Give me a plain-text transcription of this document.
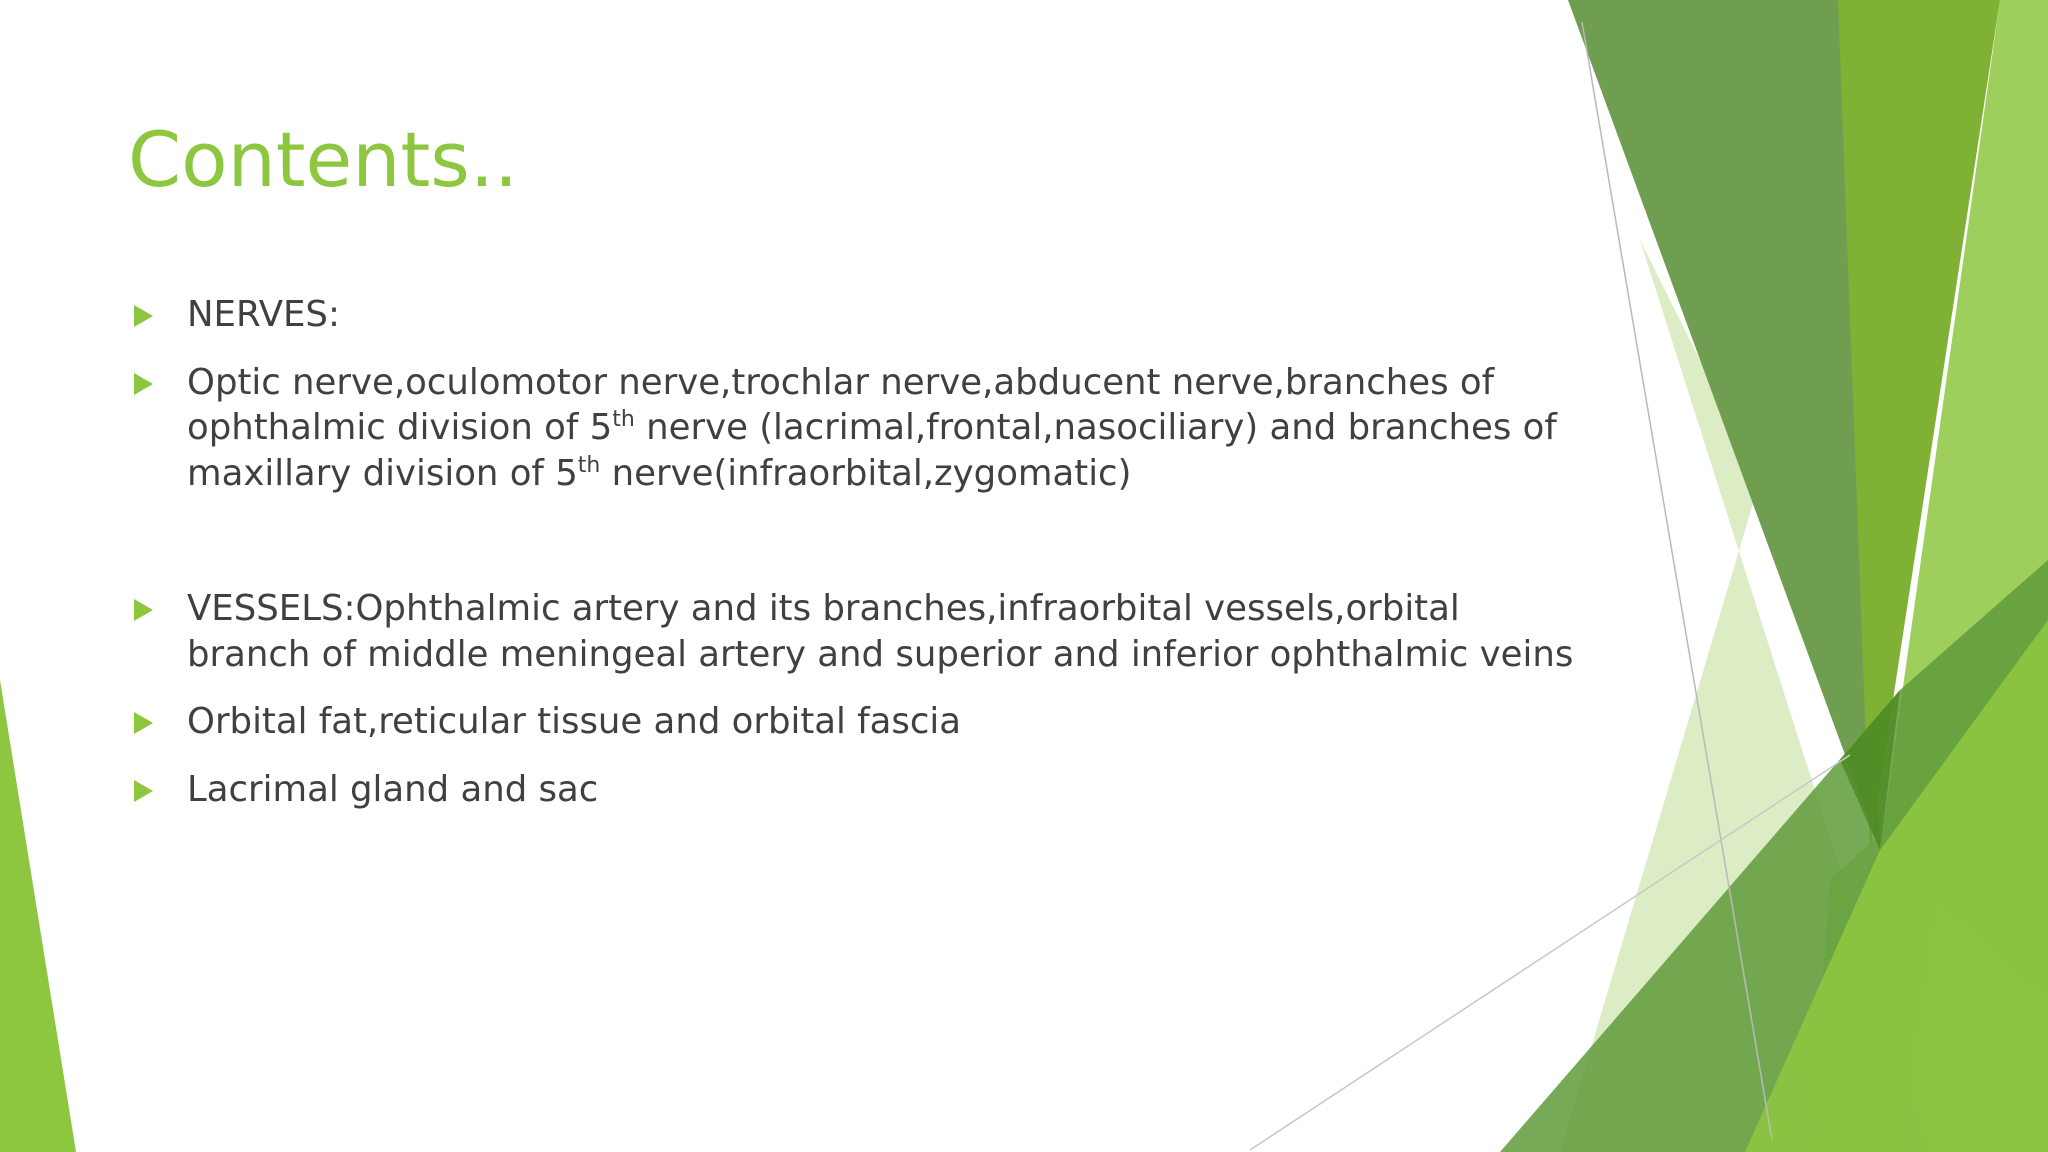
Contents..
NERVES:
Optic nerve,oculomotor nerve,trochlar nerve,abducent nerve,branches of
ophthalmic division of 5th nerve (lacrimal,frontal,nasociliary) and branches of
maxillary division of 5th nerve(infraorbital,zygomatic)
VESSELS:Ophthalmic artery and its branches,infraorbital vessels,orbital
branch of middle meningeal artery and superior and inferior ophthalmic veins
Orbital fat,reticular tissue and orbital fascia
Lacrimal gland and sac
